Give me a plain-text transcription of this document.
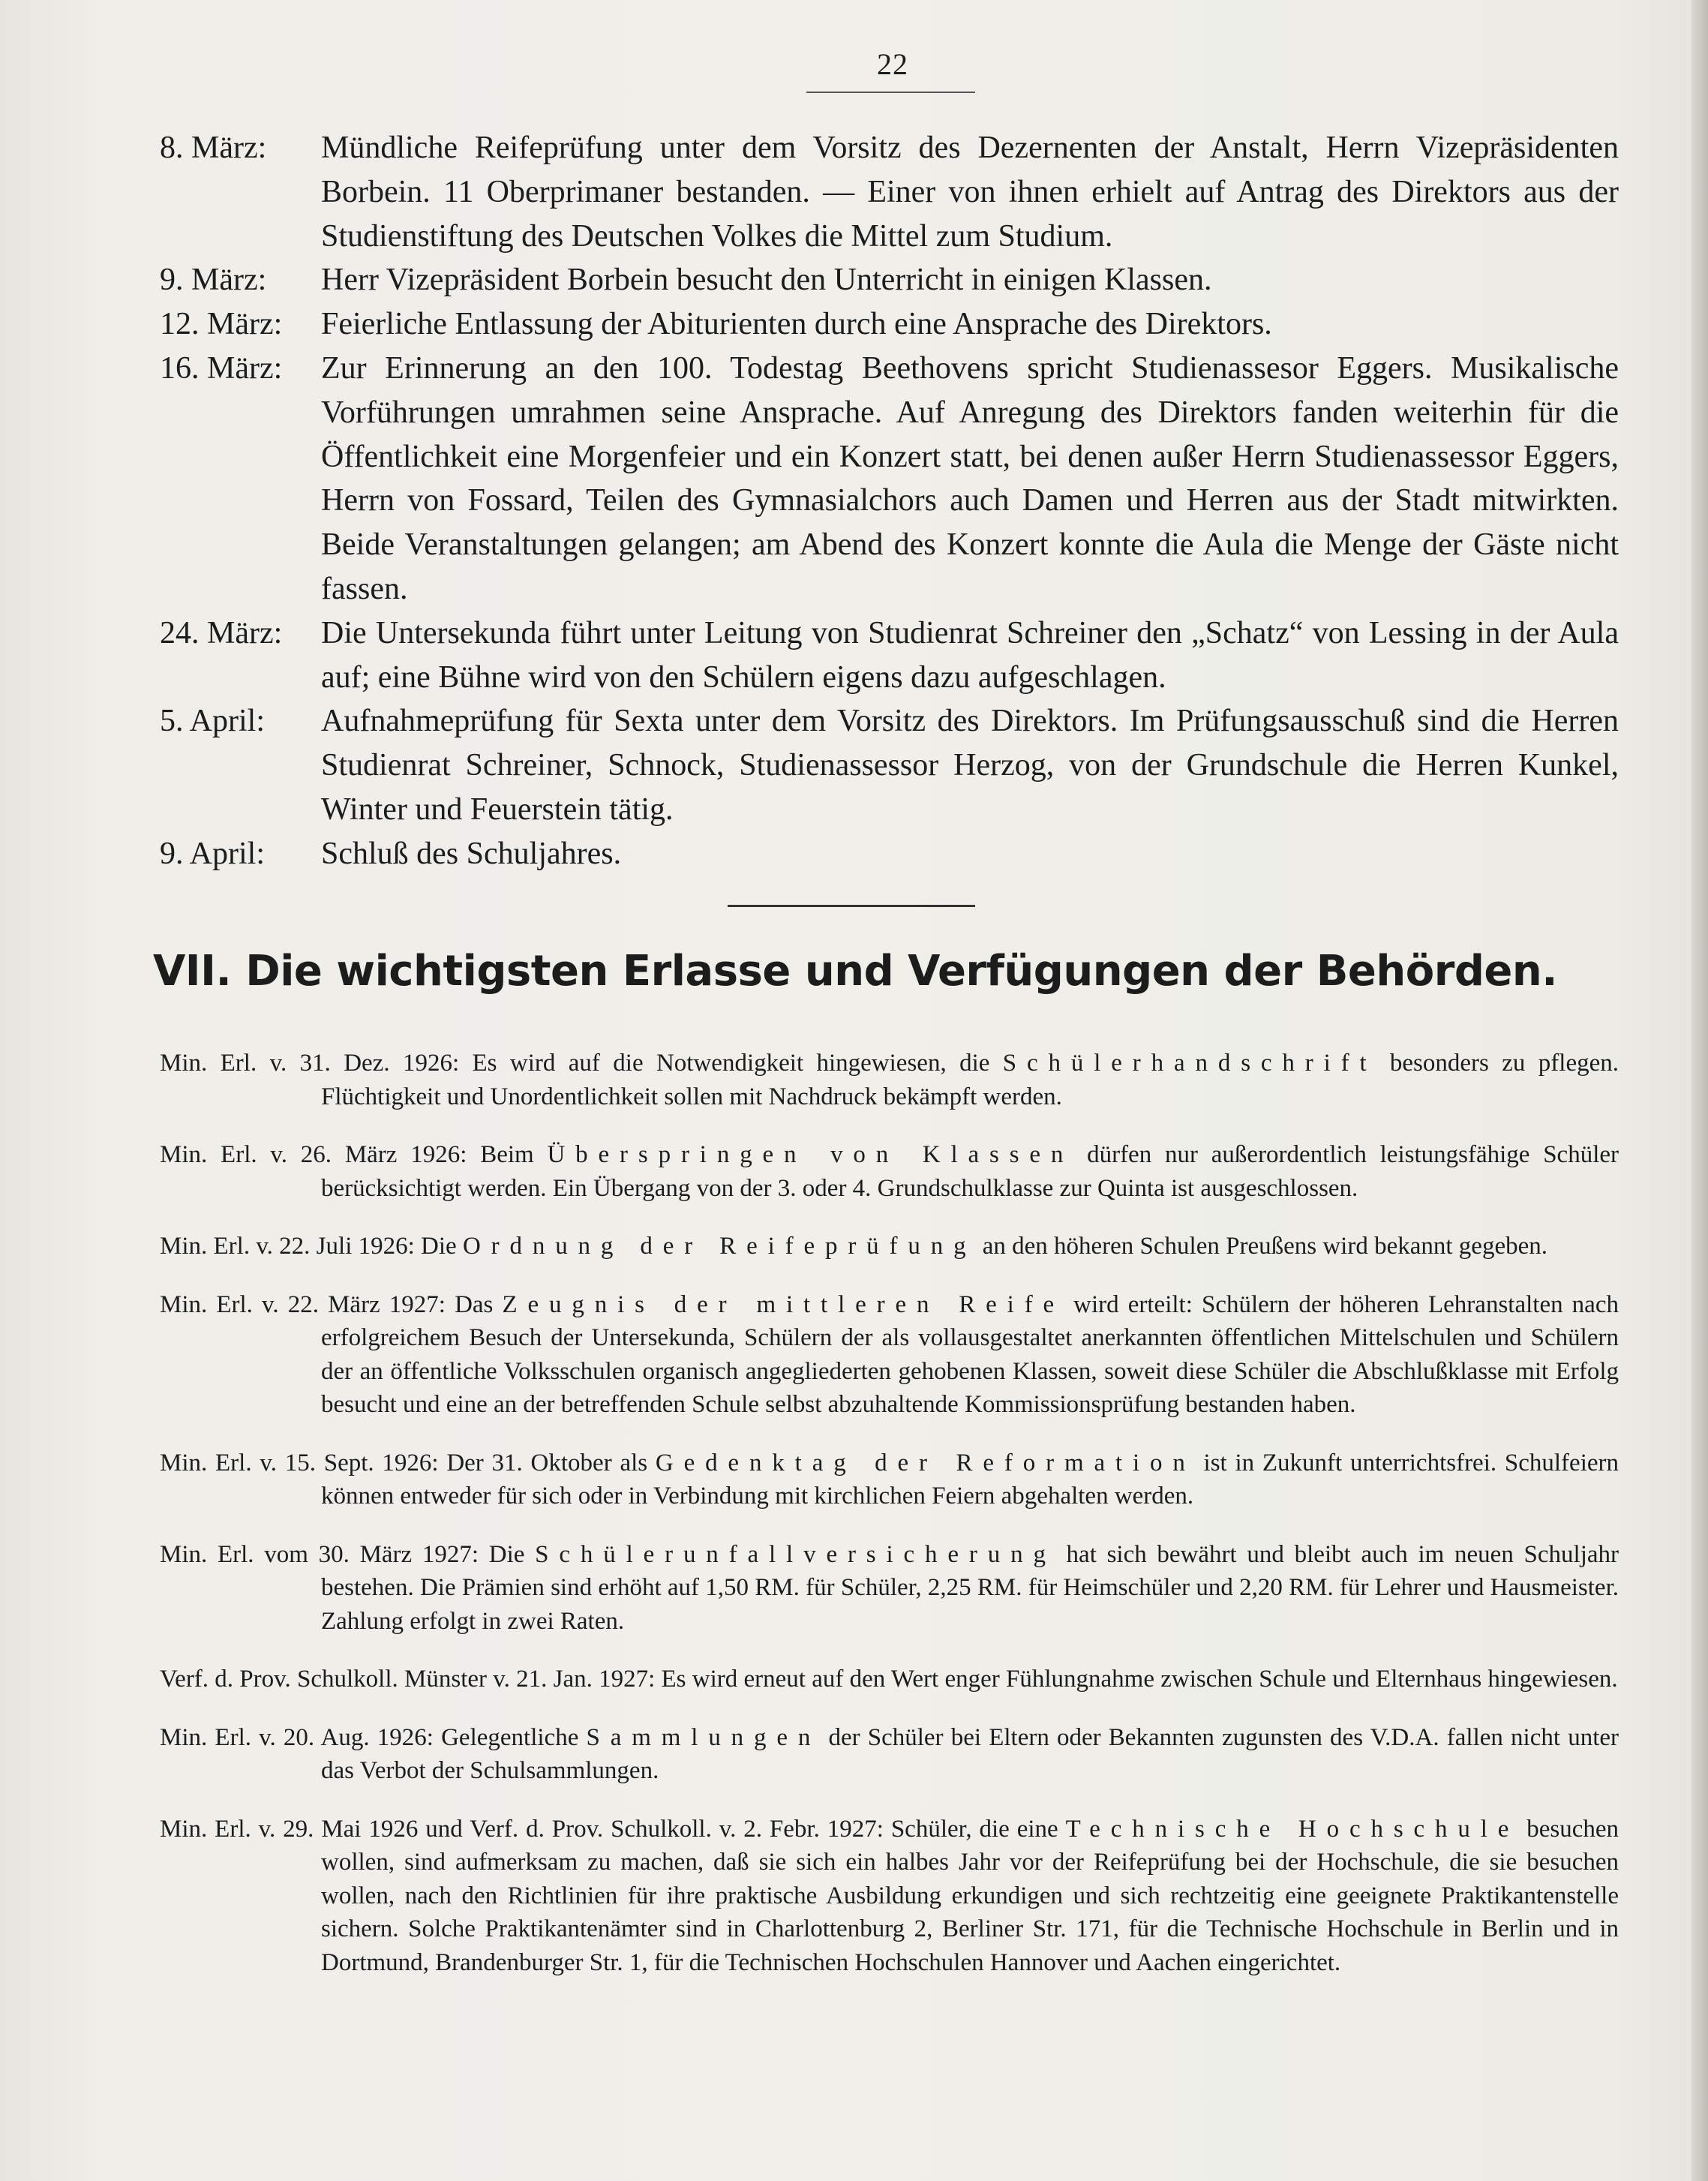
22
8. März:	Mündliche Reifeprüfung unter dem Vorsitz des Dezernenten der Anstalt, Herrn Vizepräsidenten Borbein. 11 Oberprimaner bestanden. — Einer von ihnen erhielt auf Antrag des Direktors aus der Studienstiftung des Deutschen Volkes die Mittel zum Studium.
9. März:	Herr Vizepräsident Borbein besucht den Unterricht in einigen Klassen.
12. März:	Feierliche Entlassung der Abiturienten durch eine Ansprache des Direktors.
16. März:	Zur Erinnerung an den 100. Todestag Beethovens spricht Studienassesor Eggers. Musikalische Vorführungen umrahmen seine Ansprache. Auf Anregung des Direktors fanden weiterhin für die Öffentlichkeit eine Morgenfeier und ein Konzert statt, bei denen außer Herrn Studienassessor Eggers, Herrn von Fossard, Teilen des Gymnasialchors auch Damen und Herren aus der Stadt mitwirkten. Beide Veranstaltungen gelangen; am Abend des Konzert konnte die Aula die Menge der Gäste nicht fassen.
24. März:	Die Untersekunda führt unter Leitung von Studienrat Schreiner den „Schatz“ von Lessing in der Aula auf; eine Bühne wird von den Schülern eigens dazu aufgeschlagen.
5. April:	Aufnahmeprüfung für Sexta unter dem Vorsitz des Direktors. Im Prüfungsausschuß sind die Herren Studienrat Schreiner, Schnock, Studienassessor Herzog, von der Grundschule die Herren Kunkel, Winter und Feuerstein tätig.
9. April:	Schluß des Schuljahres.
VII. Die wichtigsten Erlasse und Verfügungen der Behörden.

Min. Erl. v. 31. Dez. 1926: Es wird auf die Notwendigkeit hingewiesen, die Schülerhandschrift besonders zu pflegen. Flüchtigkeit und Unordentlichkeit sollen mit Nachdruck bekämpft werden.

Min. Erl. v. 26. März 1926: Beim Überspringen von Klassen dürfen nur außerordentlich leistungsfähige Schüler berücksichtigt werden. Ein Übergang von der 3. oder 4. Grundschulklasse zur Quinta ist ausgeschlossen.

Min. Erl. v. 22. Juli 1926: Die Ordnung der Reifeprüfung an den höheren Schulen Preußens wird bekannt gegeben.

Min. Erl. v. 22. März 1927: Das Zeugnis der mittleren Reife wird erteilt: Schülern der höheren Lehranstalten nach erfolgreichem Besuch der Untersekunda, Schülern der als vollausgestaltet anerkannten öffentlichen Mittelschulen und Schülern der an öffentliche Volksschulen organisch angegliederten gehobenen Klassen, soweit diese Schüler die Abschlußklasse mit Erfolg besucht und eine an der betreffenden Schule selbst abzuhaltende Kommissionsprüfung bestanden haben.

Min. Erl. v. 15. Sept. 1926: Der 31. Oktober als Gedenktag der Reformation ist in Zukunft unterrichtsfrei. Schulfeiern können entweder für sich oder in Verbindung mit kirchlichen Feiern abgehalten werden.

Min. Erl. vom 30. März 1927: Die Schülerunfallversicherung hat sich bewährt und bleibt auch im neuen Schuljahr bestehen. Die Prämien sind erhöht auf 1,50 RM. für Schüler, 2,25 RM. für Heimschüler und 2,20 RM. für Lehrer und Hausmeister. Zahlung erfolgt in zwei Raten.

Verf. d. Prov. Schulkoll. Münster v. 21. Jan. 1927: Es wird erneut auf den Wert enger Fühlungnahme zwischen Schule und Elternhaus hingewiesen.

Min. Erl. v. 20. Aug. 1926: Gelegentliche Sammlungen der Schüler bei Eltern oder Bekannten zugunsten des V.D.A. fallen nicht unter das Verbot der Schulsammlungen.

Min. Erl. v. 29. Mai 1926 und Verf. d. Prov. Schulkoll. v. 2. Febr. 1927: Schüler, die eine Technische Hochschule besuchen wollen, sind aufmerksam zu machen, daß sie sich ein halbes Jahr vor der Reifeprüfung bei der Hochschule, die sie besuchen wollen, nach den Richtlinien für ihre praktische Ausbildung erkundigen und sich rechtzeitig eine geeignete Praktikantenstelle sichern. Solche Praktikantenämter sind in Charlottenburg 2, Berliner Str. 171, für die Technische Hochschule in Berlin und in Dortmund, Brandenburger Str. 1, für die Technischen Hochschulen Hannover und Aachen eingerichtet.
